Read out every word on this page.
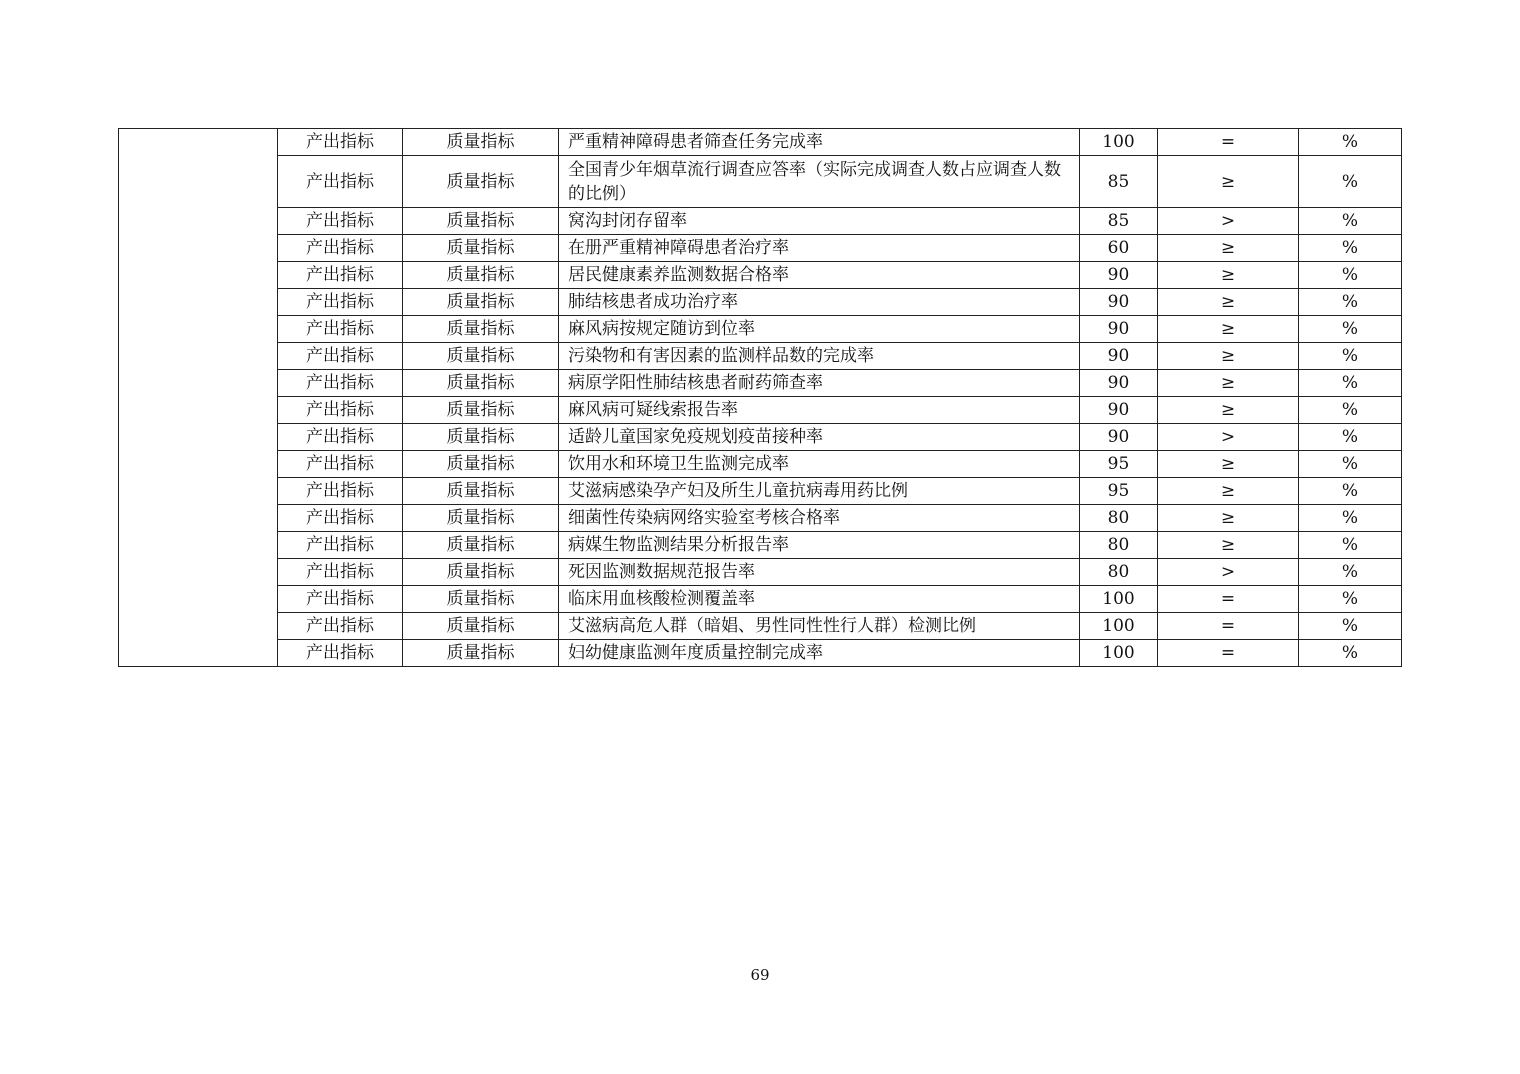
	产出指标	质量指标	严重精神障碍患者筛查任务完成率	100	=	%
	产出指标	质量指标	全国青少年烟草流行调查应答率（实际完成调查人数占应调查人数的比例）	85	≥	%
	产出指标	质量指标	窝沟封闭存留率	85	>	%
	产出指标	质量指标	在册严重精神障碍患者治疗率	60	≥	%
	产出指标	质量指标	居民健康素养监测数据合格率	90	≥	%
	产出指标	质量指标	肺结核患者成功治疗率	90	≥	%
	产出指标	质量指标	麻风病按规定随访到位率	90	≥	%
	产出指标	质量指标	污染物和有害因素的监测样品数的完成率	90	≥	%
	产出指标	质量指标	病原学阳性肺结核患者耐药筛查率	90	≥	%
	产出指标	质量指标	麻风病可疑线索报告率	90	≥	%
	产出指标	质量指标	适龄儿童国家免疫规划疫苗接种率	90	>	%
	产出指标	质量指标	饮用水和环境卫生监测完成率	95	≥	%
	产出指标	质量指标	艾滋病感染孕产妇及所生儿童抗病毒用药比例	95	≥	%
	产出指标	质量指标	细菌性传染病网络实验室考核合格率	80	≥	%
	产出指标	质量指标	病媒生物监测结果分析报告率	80	≥	%
	产出指标	质量指标	死因监测数据规范报告率	80	>	%
	产出指标	质量指标	临床用血核酸检测覆盖率	100	=	%
	产出指标	质量指标	艾滋病高危人群（暗娼、男性同性性行人群）检测比例	100	=	%
	产出指标	质量指标	妇幼健康监测年度质量控制完成率	100	=	%
69
